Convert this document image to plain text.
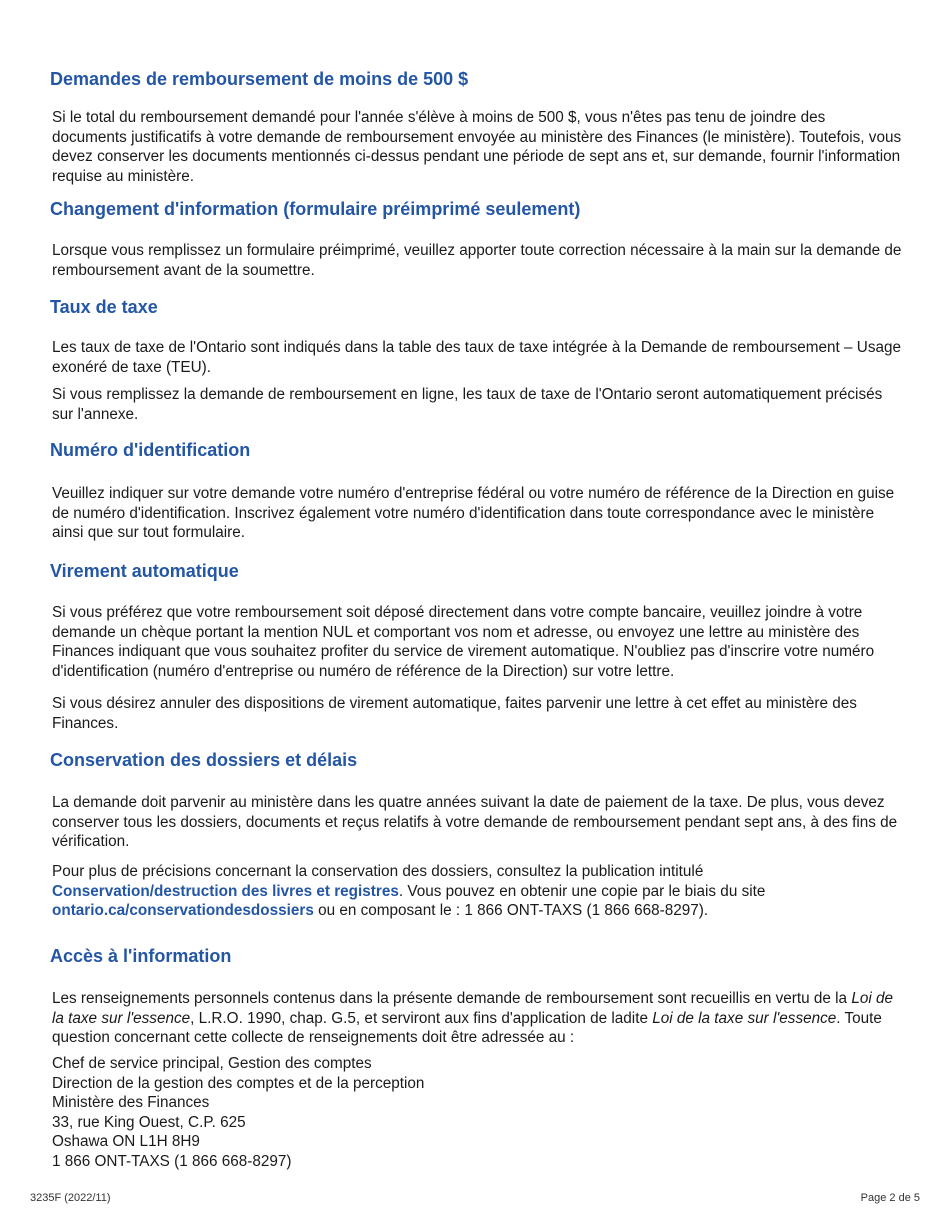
Demandes de remboursement de moins de 500 $

Si le total du remboursement demandé pour l'année s'élève à moins de 500 $, vous n'êtes pas tenu de joindre des documents justificatifs à votre demande de remboursement envoyée au ministère des Finances (le ministère). Toutefois, vous devez conserver les documents mentionnés ci-dessus pendant une période de sept ans et, sur demande, fournir l'information requise au ministère.

Changement d'information (formulaire préimprimé seulement)

Lorsque vous remplissez un formulaire préimprimé, veuillez apporter toute correction nécessaire à la main sur la demande de remboursement avant de la soumettre.

Taux de taxe

Les taux de taxe de l'Ontario sont indiqués dans la table des taux de taxe intégrée à la Demande de remboursement – Usage exonéré de taxe (TEU).

Si vous remplissez la demande de remboursement en ligne, les taux de taxe de l'Ontario seront automatiquement précisés sur l'annexe.

Numéro d'identification

Veuillez indiquer sur votre demande votre numéro d'entreprise fédéral ou votre numéro de référence de la Direction en guise de numéro d'identification. Inscrivez également votre numéro d'identification dans toute correspondance avec le ministère ainsi que sur tout formulaire.

Virement automatique

Si vous préférez que votre remboursement soit déposé directement dans votre compte bancaire, veuillez joindre à votre demande un chèque portant la mention NUL et comportant vos nom et adresse, ou envoyez une lettre au ministère des Finances indiquant que vous souhaitez profiter du service de virement automatique. N'oubliez pas d'inscrire votre numéro d'identification (numéro d'entreprise ou numéro de référence de la Direction) sur votre lettre.

Si vous désirez annuler des dispositions de virement automatique, faites parvenir une lettre à cet effet au ministère des Finances.

Conservation des dossiers et délais

La demande doit parvenir au ministère dans les quatre années suivant la date de paiement de la taxe. De plus, vous devez conserver tous les dossiers, documents et reçus relatifs à votre demande de remboursement pendant sept ans, à des fins de vérification.

Pour plus de précisions concernant la conservation des dossiers, consultez la publication intitulé
Conservation/destruction des livres et registres. Vous pouvez en obtenir une copie par le biais du site
ontario.ca/conservationdesdossiers ou en composant le : 1 866 ONT-TAXS (1 866 668-8297).

Accès à l'information

Les renseignements personnels contenus dans la présente demande de remboursement sont recueillis en vertu de la Loi de la taxe sur l'essence, L.R.O. 1990, chap. G.5, et serviront aux fins d'application de ladite Loi de la taxe sur l'essence. Toute question concernant cette collecte de renseignements doit être adressée au :

Chef de service principal, Gestion des comptes
Direction de la gestion des comptes et de la perception
Ministère des Finances
33, rue King Ouest, C.P. 625
Oshawa ON L1H 8H9
1 866 ONT-TAXS (1 866 668-8297)
3235F (2022/11)	Page 2 de 5
